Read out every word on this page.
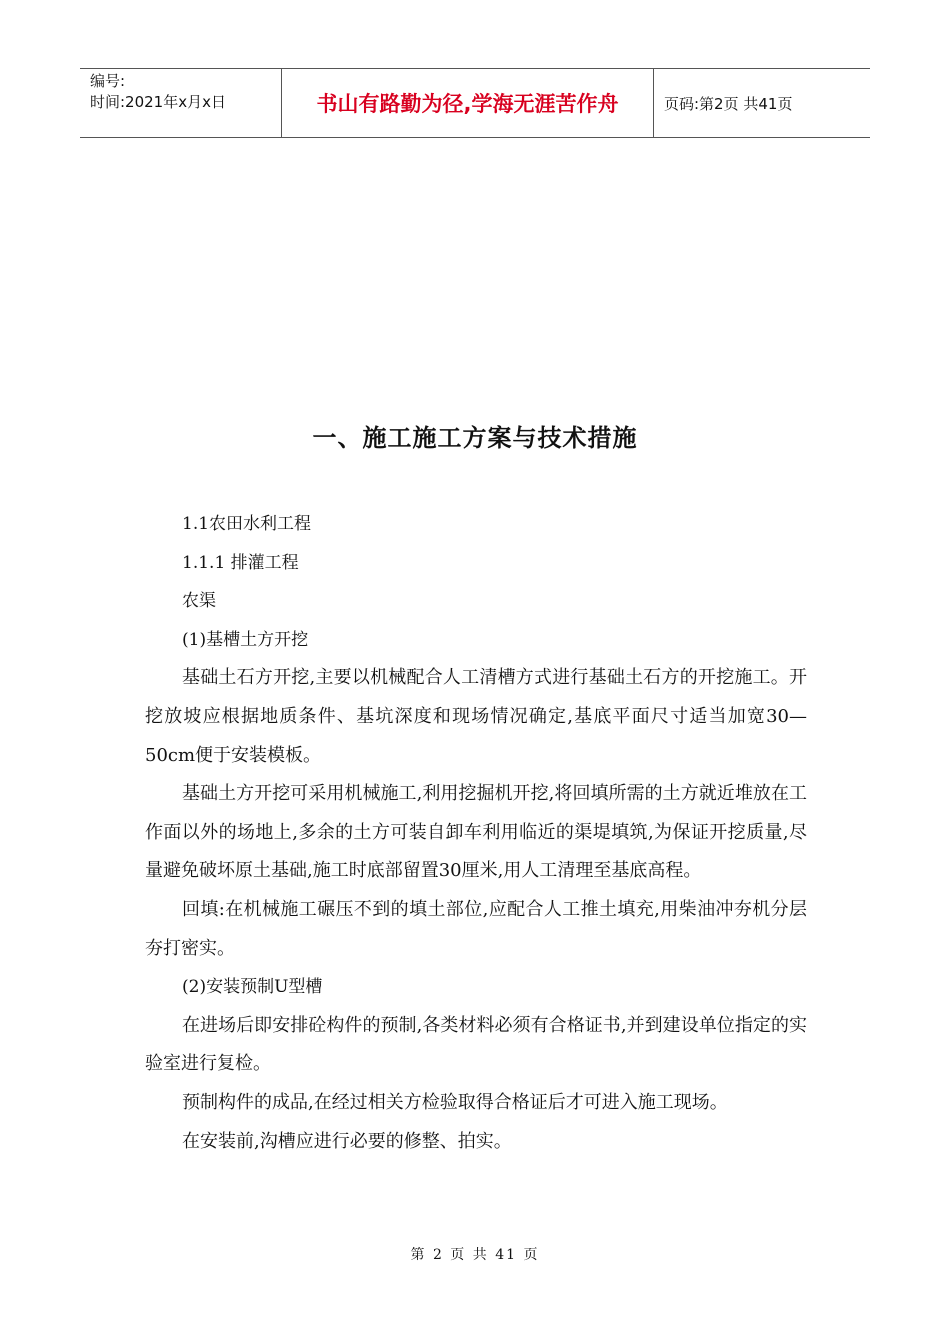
编号:
时间:2021年x月x日	书山有路勤为径,学海无涯苦作舟	页码:第2页 共41页
一、施工施工方案与技术措施

1.1农田水利工程

1.1.1 排灌工程

农渠

(1)基槽土方开挖

基础土石方开挖,主要以机械配合人工清槽方式进行基础土石方的开挖施工。开挖放坡应根据地质条件、基坑深度和现场情况确定,基底平面尺寸适当加宽30—50cm便于安装模板。

基础土方开挖可采用机械施工,利用挖掘机开挖,将回填所需的土方就近堆放在工作面以外的场地上,多余的土方可装自卸车利用临近的渠堤填筑,为保证开挖质量,尽量避免破坏原土基础,施工时底部留置30厘米,用人工清理至基底高程。

回填:在机械施工碾压不到的填土部位,应配合人工推土填充,用柴油冲夯机分层夯打密实。

(2)安装预制U型槽

在进场后即安排砼构件的预制,各类材料必须有合格证书,并到建设单位指定的实验室进行复检。

预制构件的成品,在经过相关方检验取得合格证后才可进入施工现场。

在安装前,沟槽应进行必要的修整、拍实。

第 2 页 共 41 页
